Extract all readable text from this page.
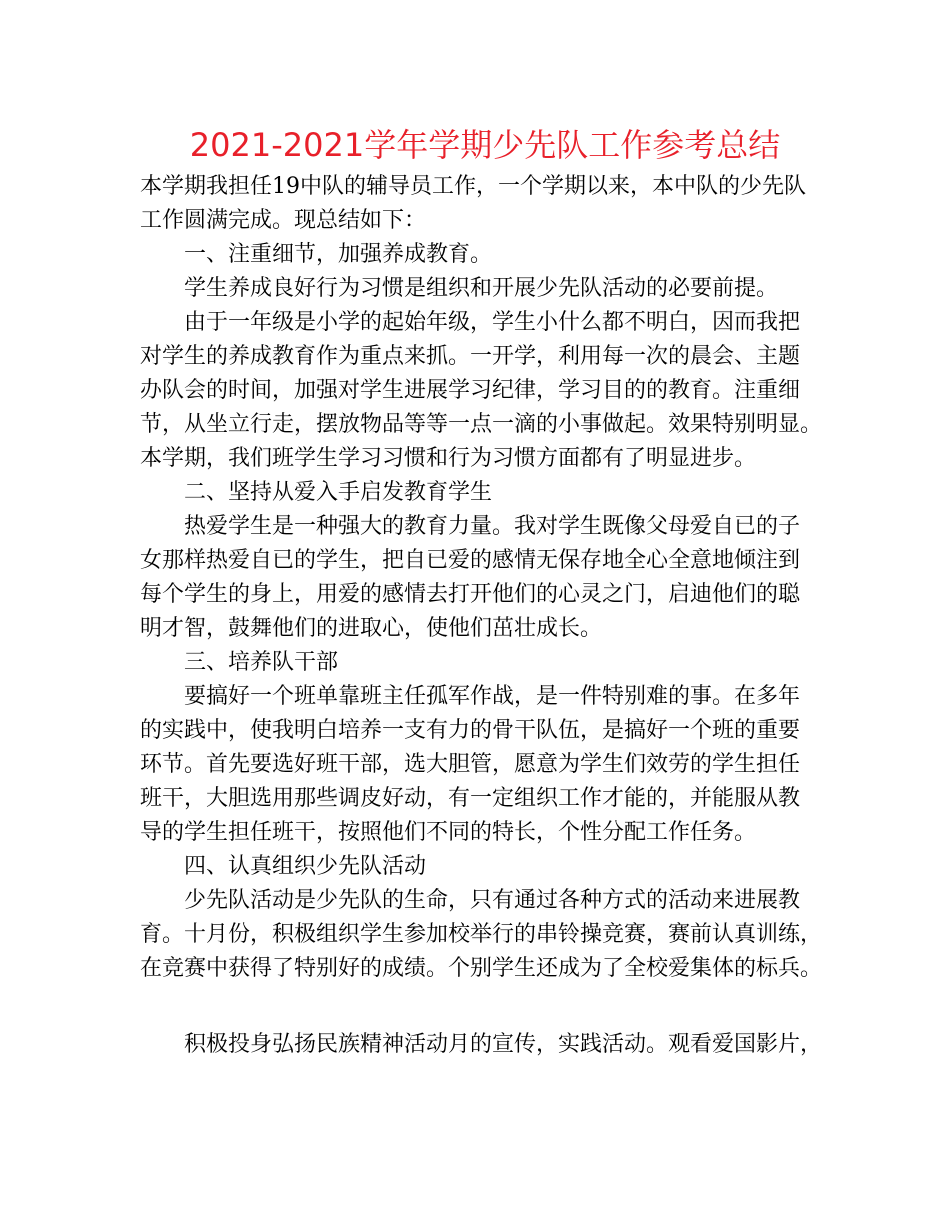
2021-2021学年学期少先队工作参考总结

本学期我担任19中队的辅导员工作，一个学期以来，本中队的少先队

工作圆满完成。现总结如下：

一、注重细节，加强养成教育。

学生养成良好行为习惯是组织和开展少先队活动的必要前提。

由于一年级是小学的起始年级，学生小什么都不明白，因而我把

对学生的养成教育作为重点来抓。一开学，利用每一次的晨会、主题

办队会的时间，加强对学生进展学习纪律，学习目的的教育。注重细

节，从坐立行走，摆放物品等等一点一滴的小事做起。效果特别明显。

本学期，我们班学生学习习惯和行为习惯方面都有了明显进步。

二、坚持从爱入手启发教育学生

热爱学生是一种强大的教育力量。我对学生既像父母爱自已的子

女那样热爱自已的学生，把自已爱的感情无保存地全心全意地倾注到

每个学生的身上，用爱的感情去打开他们的心灵之门，启迪他们的聪

明才智，鼓舞他们的进取心，使他们茁壮成长。

三、培养队干部

要搞好一个班单靠班主任孤军作战，是一件特别难的事。在多年

的实践中，使我明白培养一支有力的骨干队伍，是搞好一个班的重要

环节。首先要选好班干部，选大胆管，愿意为学生们效劳的学生担任

班干，大胆选用那些调皮好动，有一定组织工作才能的，并能服从教

导的学生担任班干，按照他们不同的特长，个性分配工作任务。

四、认真组织少先队活动

少先队活动是少先队的生命，只有通过各种方式的活动来进展教

育。十月份，积极组织学生参加校举行的串铃操竞赛，赛前认真训练，

在竞赛中获得了特别好的成绩。个别学生还成为了全校爱集体的标兵。

积极投身弘扬民族精神活动月的宣传，实践活动。观看爱国影片，
